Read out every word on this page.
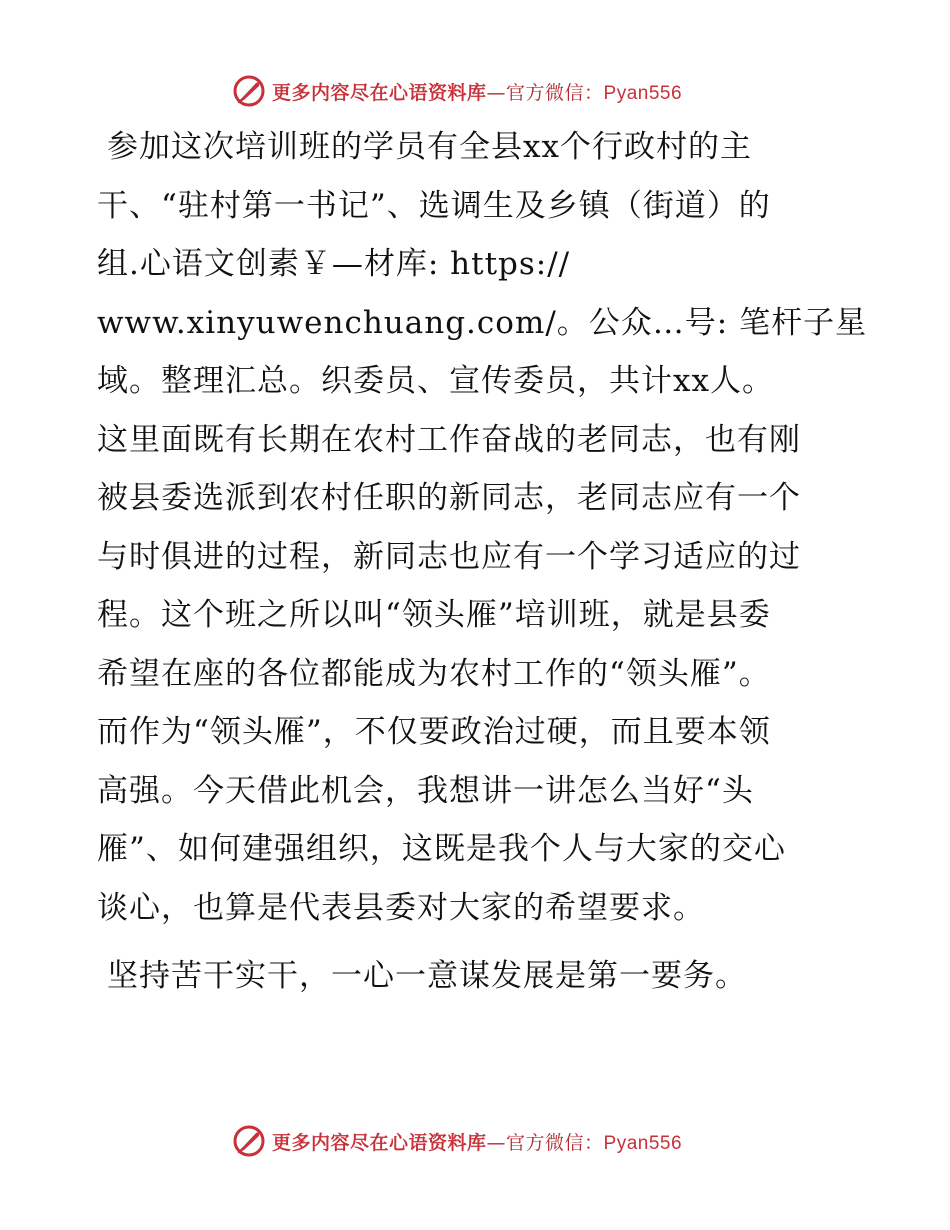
更多内容尽在心语资料库—官方微信：Pyan556

参加这次培训班的学员有全县xx个行政村的主
干、“驻村第一书记”、选调生及乡镇（街道）的
组.心语文创素￥—材库: https://
www.xinyuwenchuang.com/。公众…号: 笔杆子星
域。整理汇总。织委员、宣传委员，共计xx人。
这里面既有长期在农村工作奋战的老同志，也有刚
被县委选派到农村任职的新同志，老同志应有一个
与时俱进的过程，新同志也应有一个学习适应的过
程。这个班之所以叫“领头雁”培训班，就是县委
希望在座的各位都能成为农村工作的“领头雁”。
而作为“领头雁”，不仅要政治过硬，而且要本领
高强。今天借此机会，我想讲一讲怎么当好“头
雁”、如何建强组织，这既是我个人与大家的交心
谈心，也算是代表县委对大家的希望要求。

坚持苦干实干，一心一意谋发展是第一要务。

更多内容尽在心语资料库—官方微信：Pyan556
